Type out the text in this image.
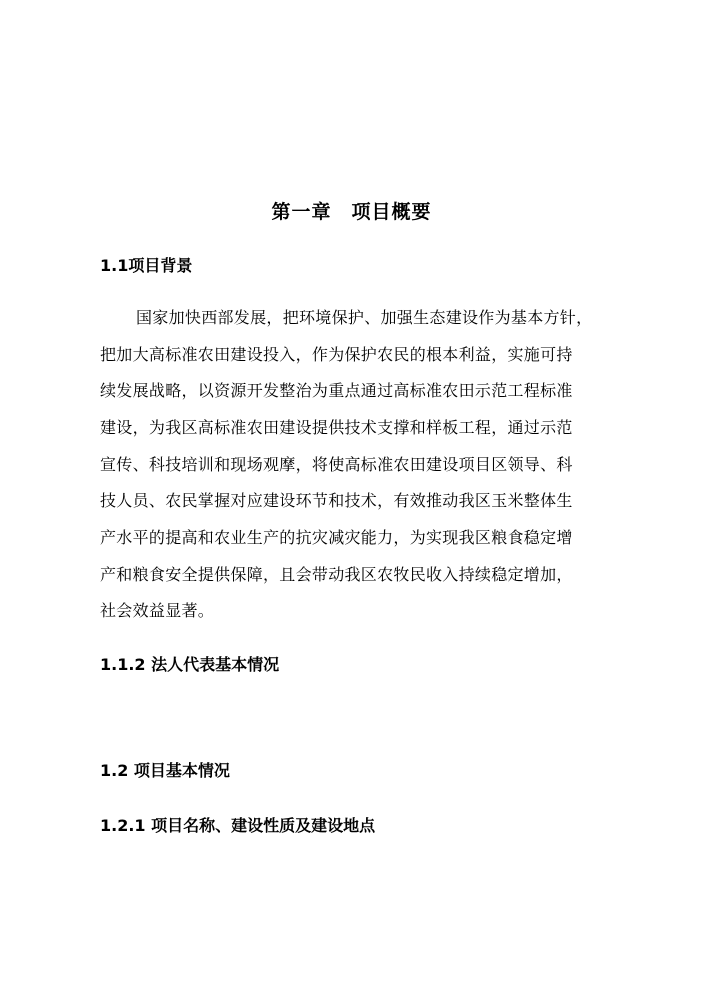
第一章　项目概要
1.1项目背景
国家加快西部发展，把环境保护、加强生态建设作为基本方针，
把加大高标准农田建设投入，作为保护农民的根本利益，实施可持
续发展战略，以资源开发整治为重点通过高标准农田示范工程标准
建设，为我区高标准农田建设提供技术支撑和样板工程，通过示范
宣传、科技培训和现场观摩，将使高标准农田建设项目区领导、科
技人员、农民掌握对应建设环节和技术，有效推动我区玉米整体生
产水平的提高和农业生产的抗灾减灾能力，为实现我区粮食稳定增
产和粮食安全提供保障，且会带动我区农牧民收入持续稳定增加，
社会效益显著。
1.1.2 法人代表基本情况
1.2 项目基本情况
1.2.1 项目名称、建设性质及建设地点
